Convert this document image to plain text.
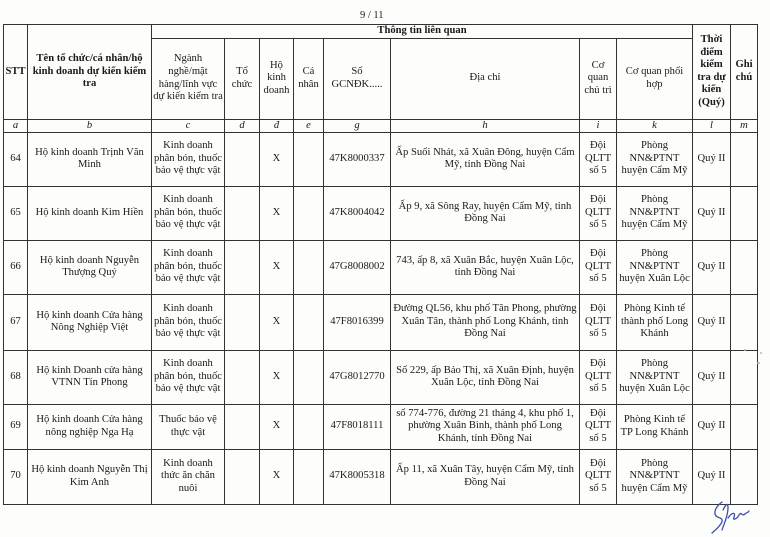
9 / 11
STT	Tên tổ chức/cá nhân/hộ kinh doanh dự kiến kiểm tra	Thông tin liên quan								Thời điểm kiểm tra dự kiến (Quý)	Ghi chú
		Ngành nghề/mặt hàng/lĩnh vực dự kiến kiểm tra	Tổ chức	Hộ kinh doanh	Cá nhân	Số GCNĐK.....	Địa chỉ	Cơ quan chủ trì	Cơ quan phối hợp		
a	b	c	d	đ	e	g	h	i	k	l	m
64	Hộ kinh doanh Trịnh Văn Minh	Kinh doanh phân bón, thuốc bảo vệ thực vật		X		47K8000337	Ấp Suối Nhát, xã Xuân Đông, huyện Cẩm Mỹ, tỉnh Đồng Nai	Đội QLTT số 5	Phòng NN&PTNT huyện Cẩm Mỹ	Quý II	
65	Hộ kinh doanh Kim Hiền	Kinh doanh phân bón, thuốc bảo vệ thực vật		X		47K8004042	Ấp 9, xã Sông Ray, huyện Cẩm Mỹ, tỉnh Đồng Nai	Đội QLTT số 5	Phòng NN&PTNT huyện Cẩm Mỹ	Quý II	
66	Hộ kinh doanh Nguyễn Thượng Quý	Kinh doanh phân bón, thuốc bảo vệ thực vật		X		47G8008002	743, ấp 8, xã Xuân Bắc, huyện Xuân Lộc, tỉnh Đồng Nai	Đội QLTT số 5	Phòng NN&PTNT huyện Xuân Lộc	Quý II	
67	Hộ kinh doanh Cửa hàng Nông Nghiệp Việt	Kinh doanh phân bón, thuốc bảo vệ thực vật		X		47F8016399	Đường QL56, khu phố Tân Phong, phường Xuân Tân, thành phố Long Khánh, tỉnh Đồng Nai	Đội QLTT số 5	Phòng Kinh tế thành phố Long Khánh	Quý II	
68	Hộ kinh Doanh cửa hàng VTNN Tín Phong	Kinh doanh phân bón, thuốc bảo vệ thực vật		X		47G8012770	Số 229, ấp Bảo Thị, xã Xuân Định, huyện Xuân Lộc, tỉnh Đồng Nai	Đội QLTT số 5	Phòng NN&PTNT huyện Xuân Lộc	Quý II	
69	Hộ kinh doanh Cửa hàng nông nghiệp Nga Hạ	Thuốc bảo vệ thực vật		X		47F8018111	số 774-776, đường 21 tháng 4, khu phố 1, phường Xuân Bình, thành phố Long Khánh, tỉnh Đồng Nai	Đội QLTT số 5	Phòng Kinh tế TP Long Khánh	Quý II	
70	Hộ kinh doanh Nguyễn Thị Kim Anh	Kinh doanh thức ăn chăn nuôi		X		47K8005318	Ấp 11, xã Xuân Tây, huyện Cẩm Mỹ, tỉnh Đồng Nai	Đội QLTT số 5	Phòng NN&PTNT huyện Cẩm Mỹ	Quý II	
